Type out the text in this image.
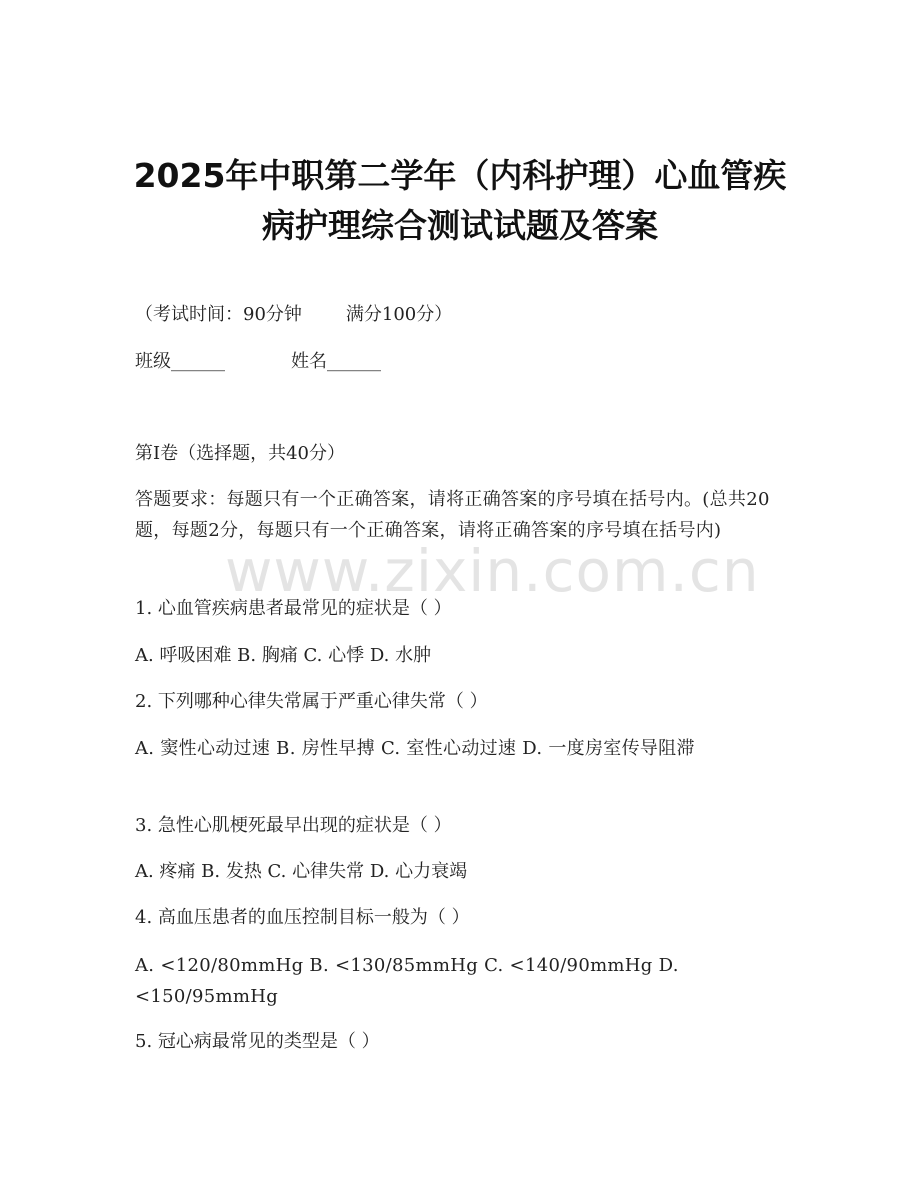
2025年中职第二学年（内科护理）心血管疾
病护理综合测试试题及答案
（考试时间：90分钟 满分100分）
班级______	姓名______
第Ⅰ卷（选择题，共40分）
答题要求：每题只有一个正确答案，请将正确答案的序号填在括号内。(总共20题，每题2分，每题只有一个正确答案，请将正确答案的序号填在括号内)
1. 心血管疾病患者最常见的症状是（ ）
A. 呼吸困难 B. 胸痛 C. 心悸 D. 水肿
2. 下列哪种心律失常属于严重心律失常（ ）
A. 窦性心动过速 B. 房性早搏 C. 室性心动过速 D. 一度房室传导阻滞
3. 急性心肌梗死最早出现的症状是（ ）
A. 疼痛 B. 发热 C. 心律失常 D. 心力衰竭
4. 高血压患者的血压控制目标一般为（ ）
A. <120/80mmHg B. <130/85mmHg C. <140/90mmHg D. <150/95mmHg
5. 冠心病最常见的类型是（ ）
www.zixin.com.cn
